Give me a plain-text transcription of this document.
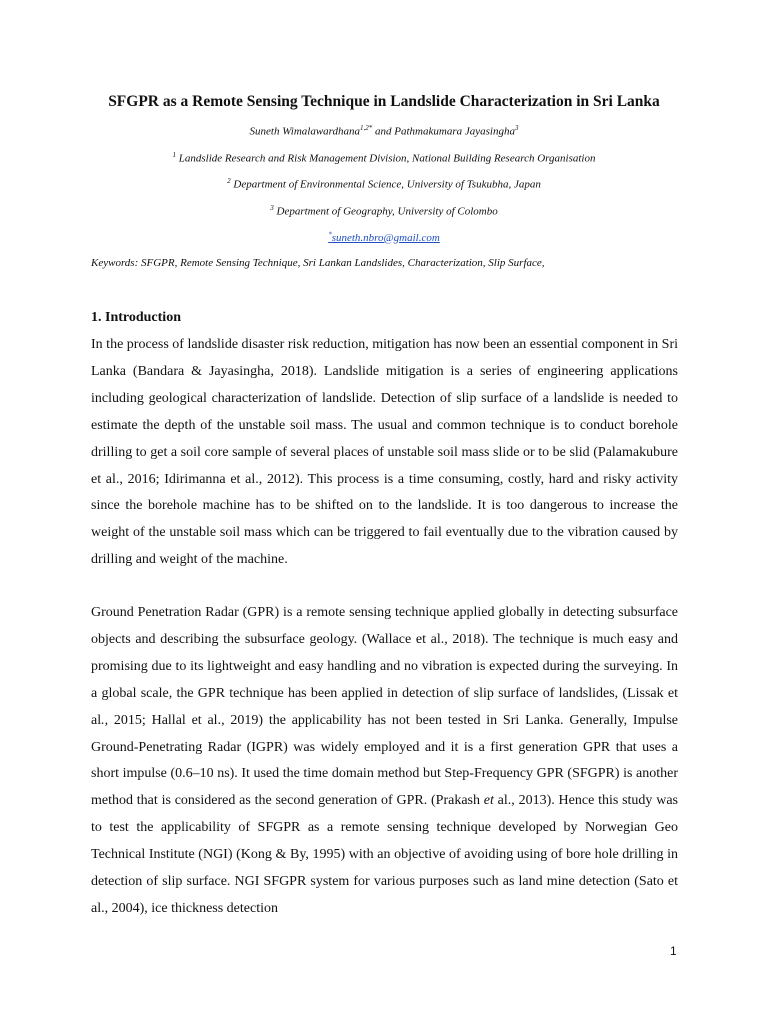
SFGPR as a Remote Sensing Technique in Landslide Characterization in Sri Lanka
Suneth Wimalawardhana$^{1,2*}$ and Pathmakumara Jayasingha$^3$
$^1$ Landslide Research and Risk Management Division, National Building Research Organisation
$^2$ Department of Environmental Science, University of Tsukubha, Japan
$^3$ Department of Geography, University of Colombo
*suneth.nbro@gmail.com
Keywords: SFGPR, Remote Sensing Technique, Sri Lankan Landslides, Characterization, Slip Surface,
1. Introduction

In the process of landslide disaster risk reduction, mitigation has now been an essential component in Sri Lanka (Bandara & Jayasingha, 2018). Landslide mitigation is a series of engineering applications including geological characterization of landslide. Detection of slip surface of a landslide is needed to estimate the depth of the unstable soil mass. The usual and common technique is to conduct borehole drilling to get a soil core sample of several places of unstable soil mass slide or to be slid (Palamakubure et al., 2016; Idirimanna et al., 2012). This process is a time consuming, costly, hard and risky activity since the borehole machine has to be shifted on to the landslide. It is too dangerous to increase the weight of the unstable soil mass which can be triggered to fail eventually due to the vibration caused by drilling and weight of the machine.

Ground Penetration Radar (GPR) is a remote sensing technique applied globally in detecting subsurface objects and describing the subsurface geology. (Wallace et al., 2018). The technique is much easy and promising due to its lightweight and easy handling and no vibration is expected during the surveying. In a global scale, the GPR technique has been applied in detection of slip surface of landslides, (Lissak et al., 2015; Hallal et al., 2019) the applicability has not been tested in Sri Lanka. Generally, Impulse Ground-Penetrating Radar (IGPR) was widely employed and it is a first generation GPR that uses a short impulse (0.6–10 ns). It used the time domain method but Step-Frequency GPR (SFGPR) is another method that is considered as the second generation of GPR. (Prakash et al., 2013). Hence this study was to test the applicability of SFGPR as a remote sensing technique developed by Norwegian Geo Technical Institute (NGI) (Kong & By, 1995) with an objective of avoiding using of bore hole drilling in detection of slip surface. NGI SFGPR system for various purposes such as land mine detection (Sato et al., 2004), ice thickness detection

1
